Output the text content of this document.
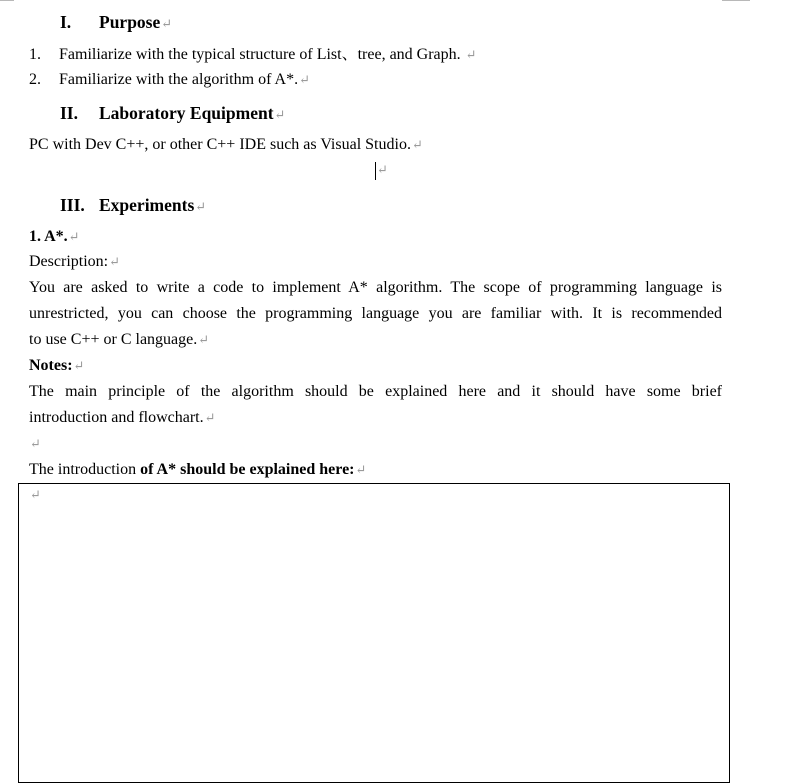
I. Purpose↵
1. Familiarize with the typical structure of List、tree, and Graph. ↵
2. Familiarize with the algorithm of A*.↵
II. Laboratory Equipment↵
PC with Dev C++, or other C++ IDE such as Visual Studio.↵
↵
III. Experiments↵
1. A*.↵
Description:↵
You are asked to write a code to implement A* algorithm. The scope of programming language is
unrestricted, you can choose the programming language you are familiar with. It is recommended
to use C++ or C language.↵
Notes:↵
The main principle of the algorithm should be explained here and it should have some brief
introduction and flowchart.↵
↵
The introduction of A* should be explained here:↵
↵
